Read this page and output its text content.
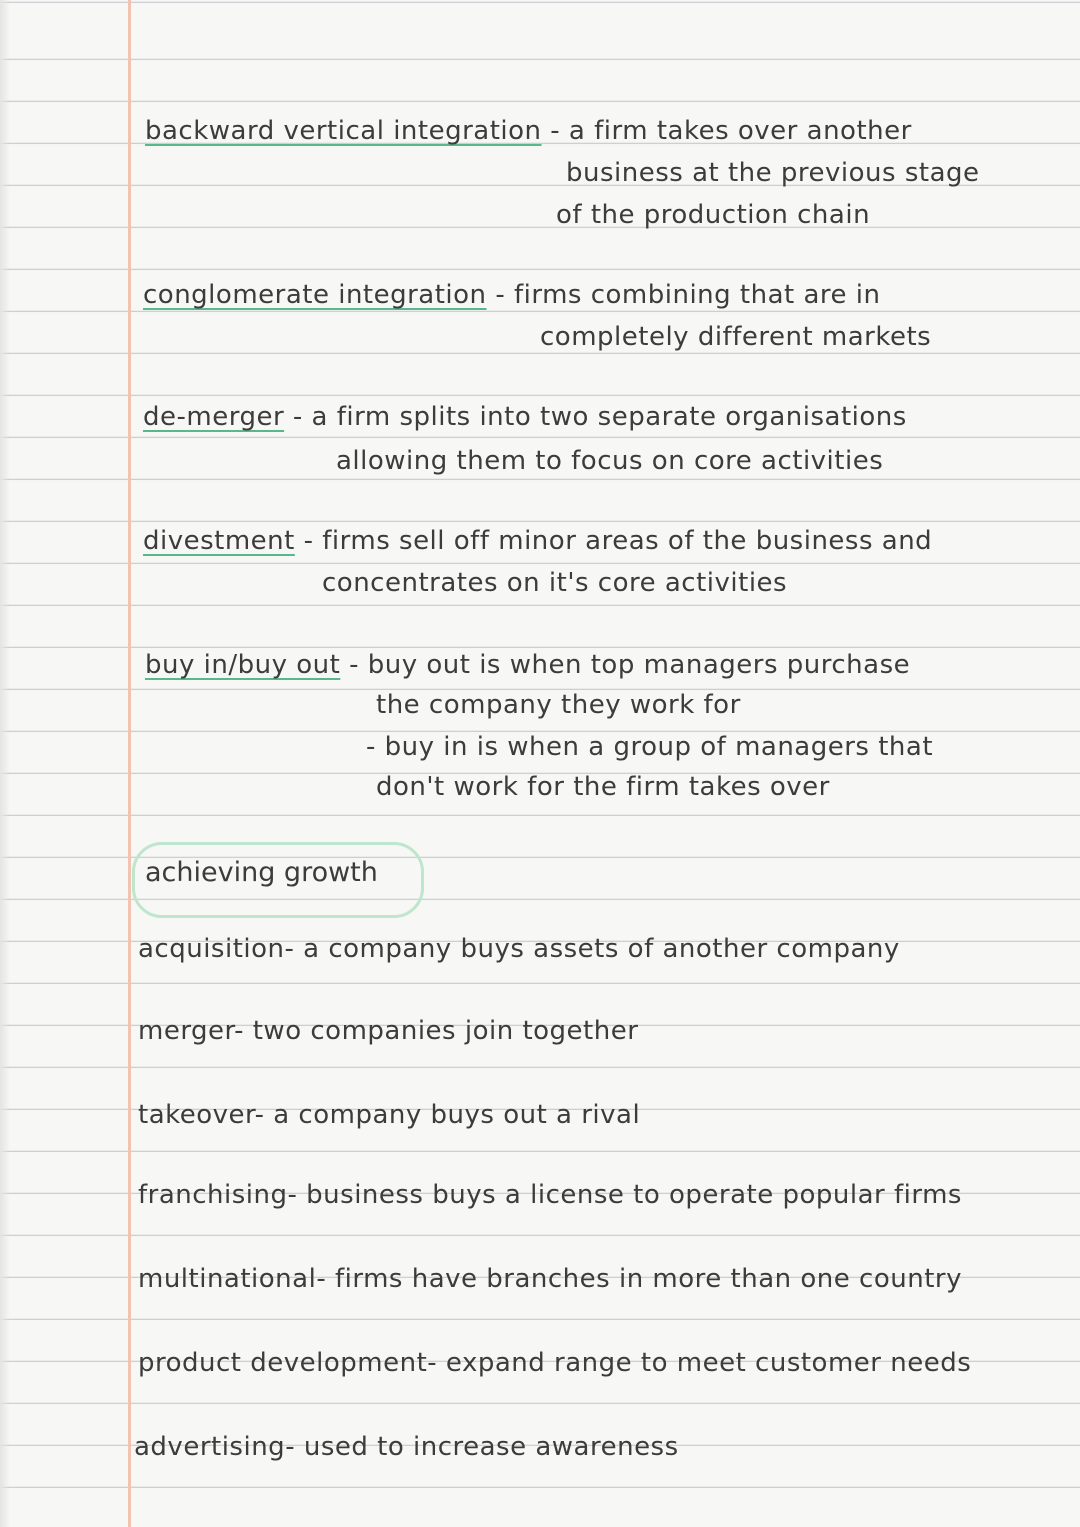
backward vertical integration - a firm takes over another
business at the previous stage
of the production chain
conglomerate integration - firms combining that are in
completely different markets
de-merger - a firm splits into two separate organisations
allowing them to focus on core activities
divestment - firms sell off minor areas of the business and
concentrates on it's core activities
buy in/buy out - buy out is when top managers purchase
the company they work for
- buy in is when a group of managers that
don't work for the firm takes over
achieving growth
acquisition- a company buys assets of another company
merger- two companies join together
takeover- a company buys out a rival
franchising- business buys a license to operate popular firms
multinational- firms have branches in more than one country
product development- expand range to meet customer needs
advertising- used to increase awareness
